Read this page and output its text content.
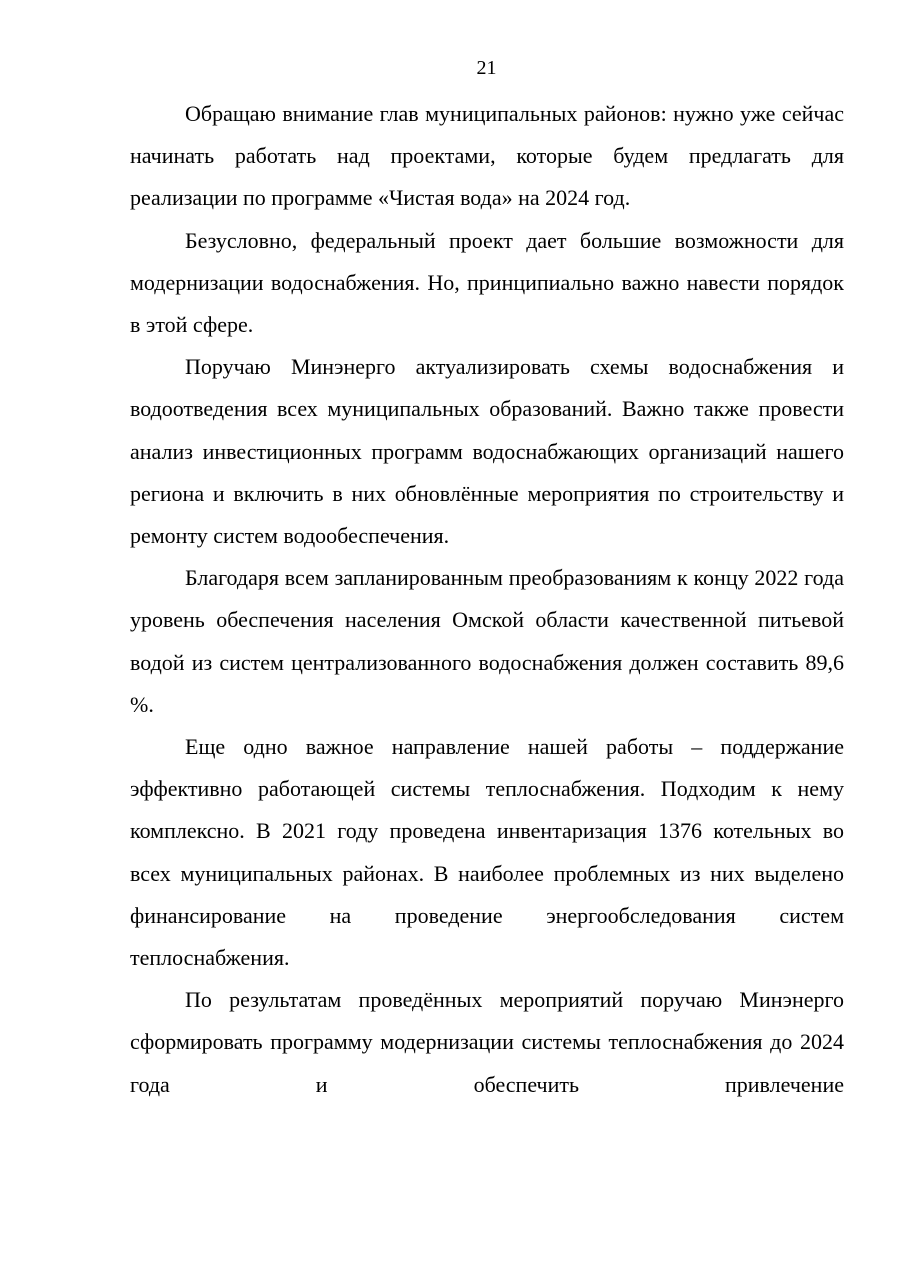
21

Обращаю внимание глав муниципальных районов: нужно уже сейчас начинать работать над проектами, которые будем предлагать для реализации по программе «Чистая вода» на 2024 год.

Безусловно, федеральный проект дает большие возможности для модернизации водоснабжения. Но, принципиально важно навести порядок в этой сфере.

Поручаю Минэнерго актуализировать схемы водоснабжения и водоотведения всех муниципальных образований. Важно также провести анализ инвестиционных программ водоснабжающих организаций нашего региона и включить в них обновлённые мероприятия по строительству и ремонту систем водообеспечения.

Благодаря всем запланированным преобразованиям к концу 2022 года уровень обеспечения населения Омской области качественной питьевой водой из систем централизованного водоснабжения должен составить 89,6 %.

Еще одно важное направление нашей работы – поддержание эффективно работающей системы теплоснабжения. Подходим к нему комплексно. В 2021 году проведена инвентаризация 1376 котельных во всех муниципальных районах. В наиболее проблемных из них выделено финансирование на проведение энергообследования систем теплоснабжения.

По результатам проведённых мероприятий поручаю Минэнерго сформировать программу модернизации системы теплоснабжения до 2024 года и обеспечить привлечение
